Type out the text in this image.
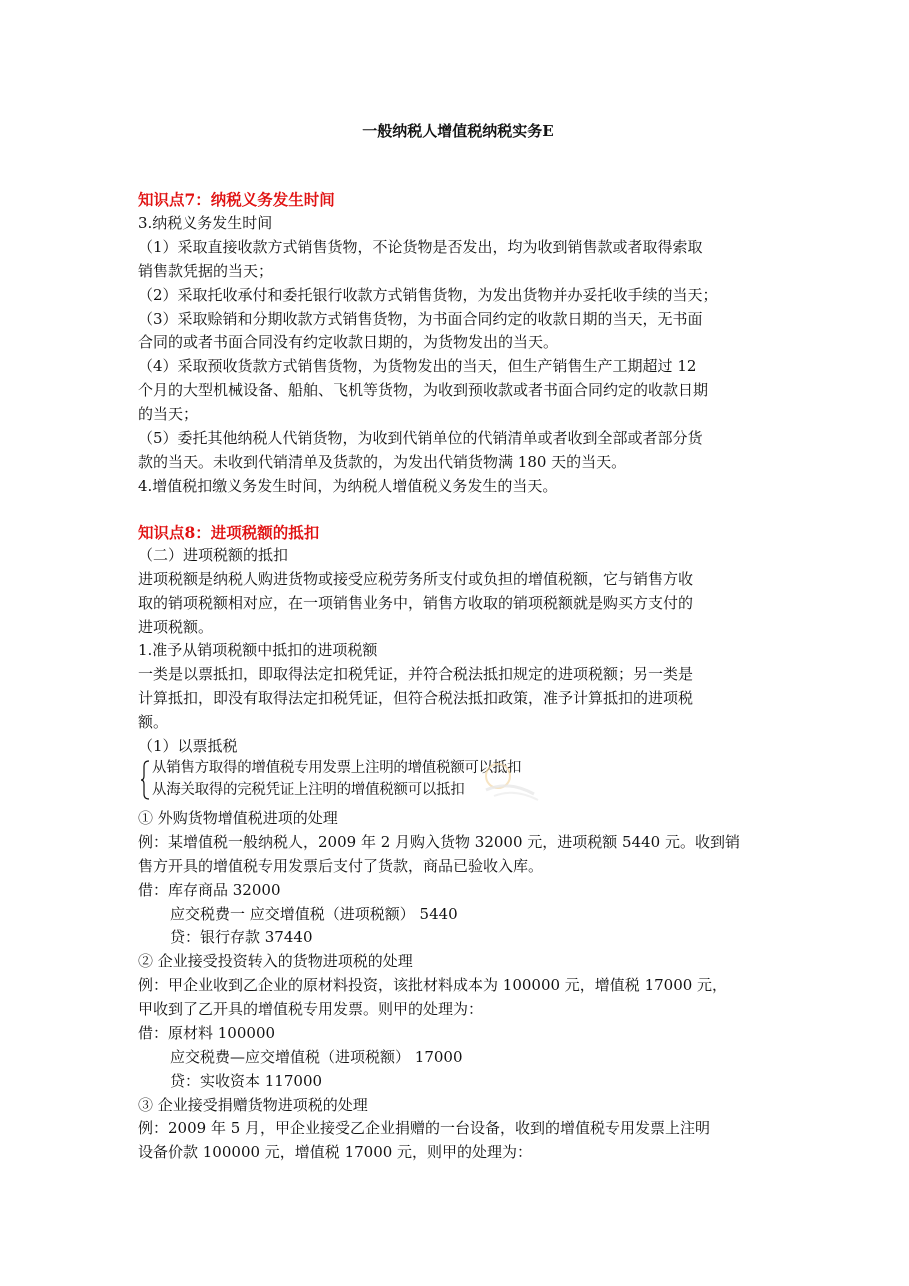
一般纳税人增值税纳税实务E
知识点7：纳税义务发生时间
3.纳税义务发生时间
（1）采取直接收款方式销售货物，不论货物是否发出，均为收到销售款或者取得索取
销售款凭据的当天；
（2）采取托收承付和委托银行收款方式销售货物，为发出货物并办妥托收手续的当天；
（3）采取赊销和分期收款方式销售货物，为书面合同约定的收款日期的当天，无书面
合同的或者书面合同没有约定收款日期的，为货物发出的当天。
（4）采取预收货款方式销售货物，为货物发出的当天，但生产销售生产工期超过 12
个月的大型机械设备、船舶、飞机等货物，为收到预收款或者书面合同约定的收款日期
的当天；
（5）委托其他纳税人代销货物，为收到代销单位的代销清单或者收到全部或者部分货
款的当天。未收到代销清单及货款的，为发出代销货物满 180 天的当天。
4.增值税扣缴义务发生时间，为纳税人增值税义务发生的当天。
知识点8：进项税额的抵扣
（二）进项税额的抵扣
进项税额是纳税人购进货物或接受应税劳务所支付或负担的增值税额，它与销售方收
取的销项税额相对应，在一项销售业务中，销售方收取的销项税额就是购买方支付的
进项税额。
1.准予从销项税额中抵扣的进项税额
一类是以票抵扣，即取得法定扣税凭证，并符合税法抵扣规定的进项税额；另一类是
计算抵扣，即没有取得法定扣税凭证，但符合税法抵扣政策，准予计算抵扣的进项税
额。
（1）以票抵税
从销售方取得的增值税专用发票上注明的增值税额可以抵扣
从海关取得的完税凭证上注明的增值税额可以抵扣
① 外购货物增值税进项的处理
例：某增值税一般纳税人，2009 年 2 月购入货物 32000 元，进项税额 5440 元。收到销
售方开具的增值税专用发票后支付了货款，商品已验收入库。
借：库存商品 32000
应交税费一 应交增值税（进项税额） 5440
贷：银行存款 37440
② 企业接受投资转入的货物进项税的处理
例：甲企业收到乙企业的原材料投资，该批材料成本为 100000 元，增值税 17000 元，
甲收到了乙开具的增值税专用发票。则甲的处理为：
借：原材料 100000
应交税费—应交增值税（进项税额） 17000
贷：实收资本 117000
③ 企业接受捐赠货物进项税的处理
例：2009 年 5 月，甲企业接受乙企业捐赠的一台设备，收到的增值税专用发票上注明
设备价款 100000 元，增值税 17000 元，则甲的处理为：
